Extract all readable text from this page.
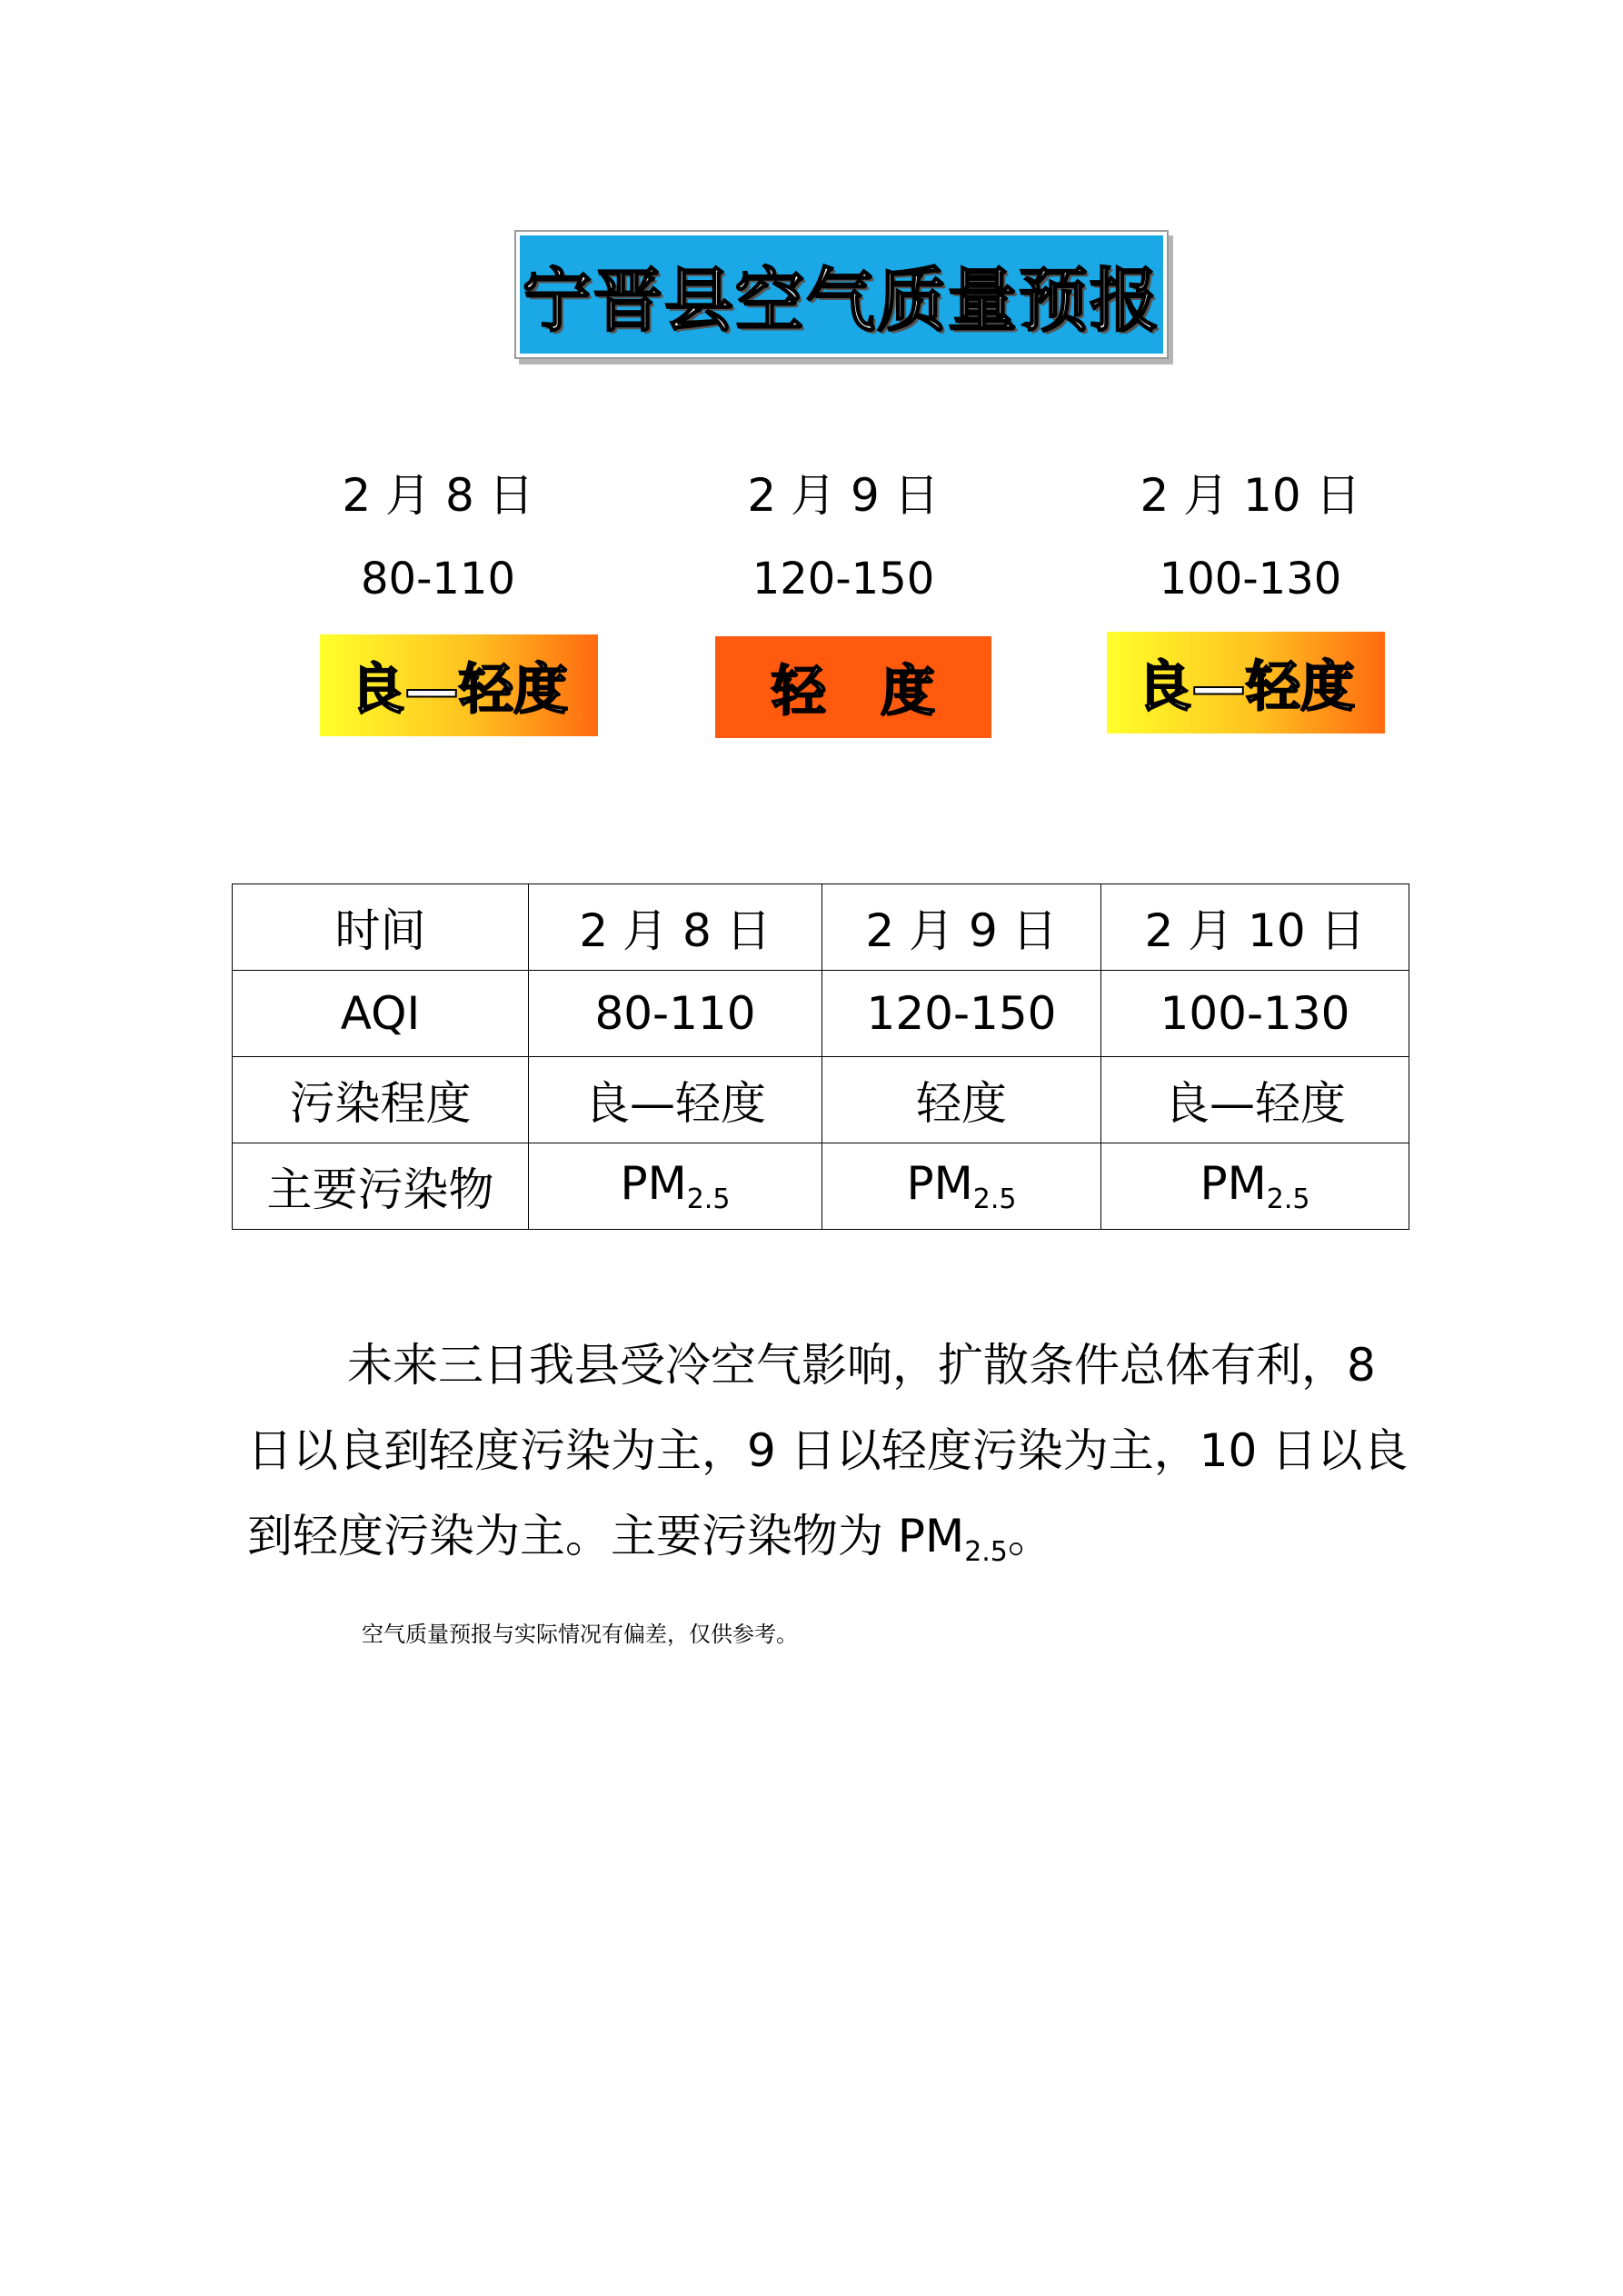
宁晋县空气质量预报
2 月 8 日
80-110
2 月 9 日
120-150
2 月 10 日
100-130
良—轻度	轻度	良—轻度
时间	2 月 8 日	2 月 9 日	2 月 10 日
AQI	80-110	120-150	100-130
污染程度	良—轻度	轻度	良—轻度
主要污染物	$PM_{2.5}$	$PM_{2.5}$	$PM_{2.5}$
未来三日我县受冷空气影响，扩散条件总体有利，8 日以良到轻度污染为主，9 日以轻度污染为主，10 日以良到轻度污染为主。主要污染物为 $PM_{2.5}$。
空气质量预报与实际情况有偏差，仅供参考。
